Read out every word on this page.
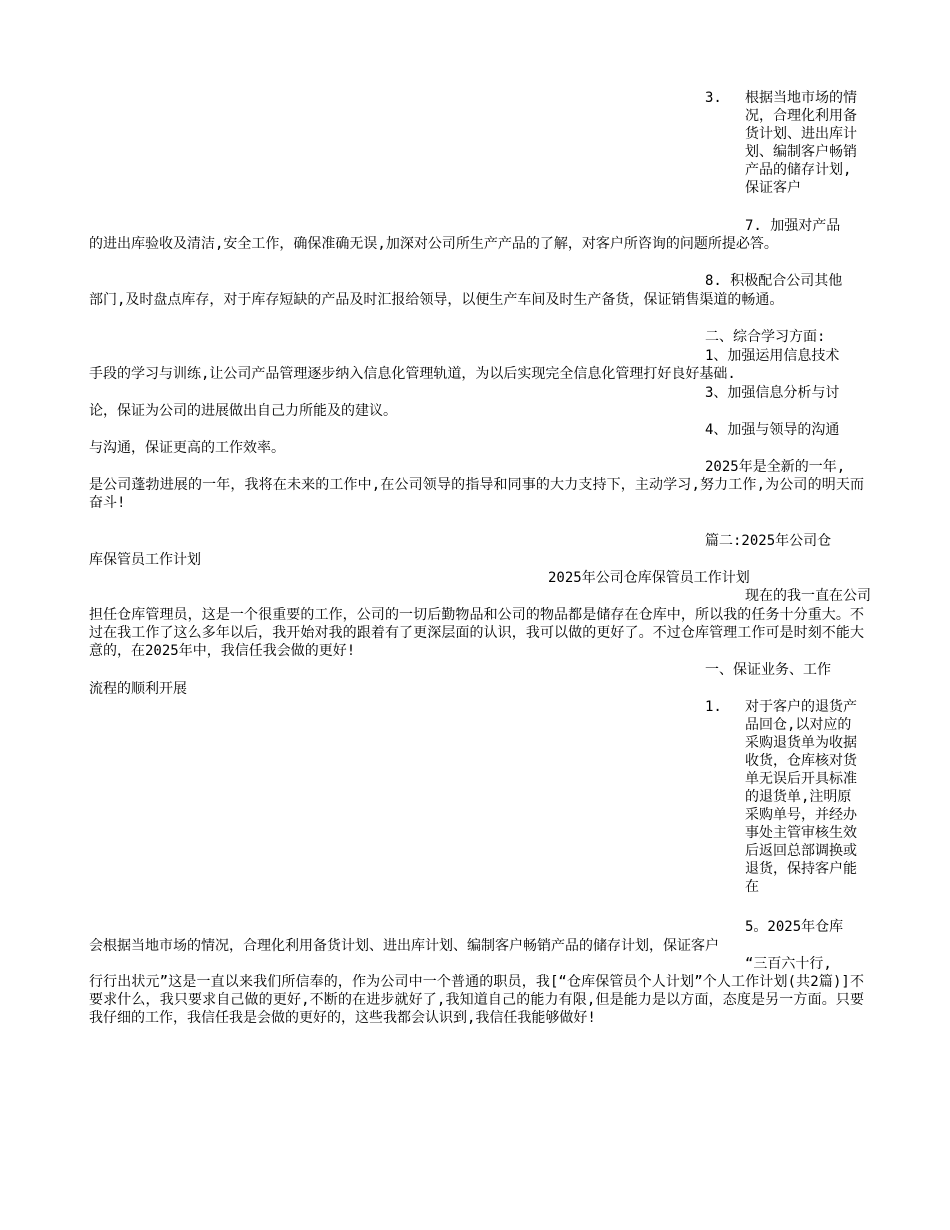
3. 根据当地市场的情况，合理化利用备货计划、进出库计划、编制客户畅销产品的储存计划,保证客户
7. 加强对产品
的进出库验收及清洁,安全工作，确保准确无误,加深对公司所生产产品的了解，对客户所咨询的问题所提必答。
8. 积极配合公司其他
部门,及时盘点库存，对于库存短缺的产品及时汇报给领导，以便生产车间及时生产备货，保证销售渠道的畅通。
二、综合学习方面:
1、加强运用信息技术
手段的学习与训练,让公司产品管理逐步纳入信息化管理轨道，为以后实现完全信息化管理打好良好基础.
3、加强信息分析与讨
论，保证为公司的进展做出自己力所能及的建议。
4、加强与领导的沟通
与沟通，保证更高的工作效率。
2025年是全新的一年,
是公司蓬勃进展的一年，我将在未来的工作中,在公司领导的指导和同事的大力支持下，主动学习,努力工作,为公司的明天而奋斗!
篇二:2025年公司仓
库保管员工作计划
2025年公司仓库保管员工作计划
现在的我一直在公司
担任仓库管理员，这是一个很重要的工作，公司的一切后勤物品和公司的物品都是储存在仓库中，所以我的任务十分重大。不过在我工作了这么多年以后，我开始对我的跟着有了更深层面的认识，我可以做的更好了。不过仓库管理工作可是时刻不能大意的，在2025年中，我信任我会做的更好!
一、保证业务、工作
流程的顺利开展
1. 对于客户的退货产品回仓,以对应的采购退货单为收据收货，仓库核对货单无误后开具标准的退货单,注明原采购单号，并经办事处主管审核生效后返回总部调换或退货，保持客户能在
5。2025年仓库
会根据当地市场的情况，合理化利用备货计划、进出库计划、编制客户畅销产品的储存计划，保证客户
“三百六十行,
行行出状元”这是一直以来我们所信奉的，作为公司中一个普通的职员，我[“仓库保管员个人计划”个人工作计划(共2篇)]不要求什么，我只要求自己做的更好,不断的在进步就好了,我知道自己的能力有限,但是能力是以方面，态度是另一方面。只要我仔细的工作，我信任我是会做的更好的，这些我都会认识到,我信任我能够做好!
